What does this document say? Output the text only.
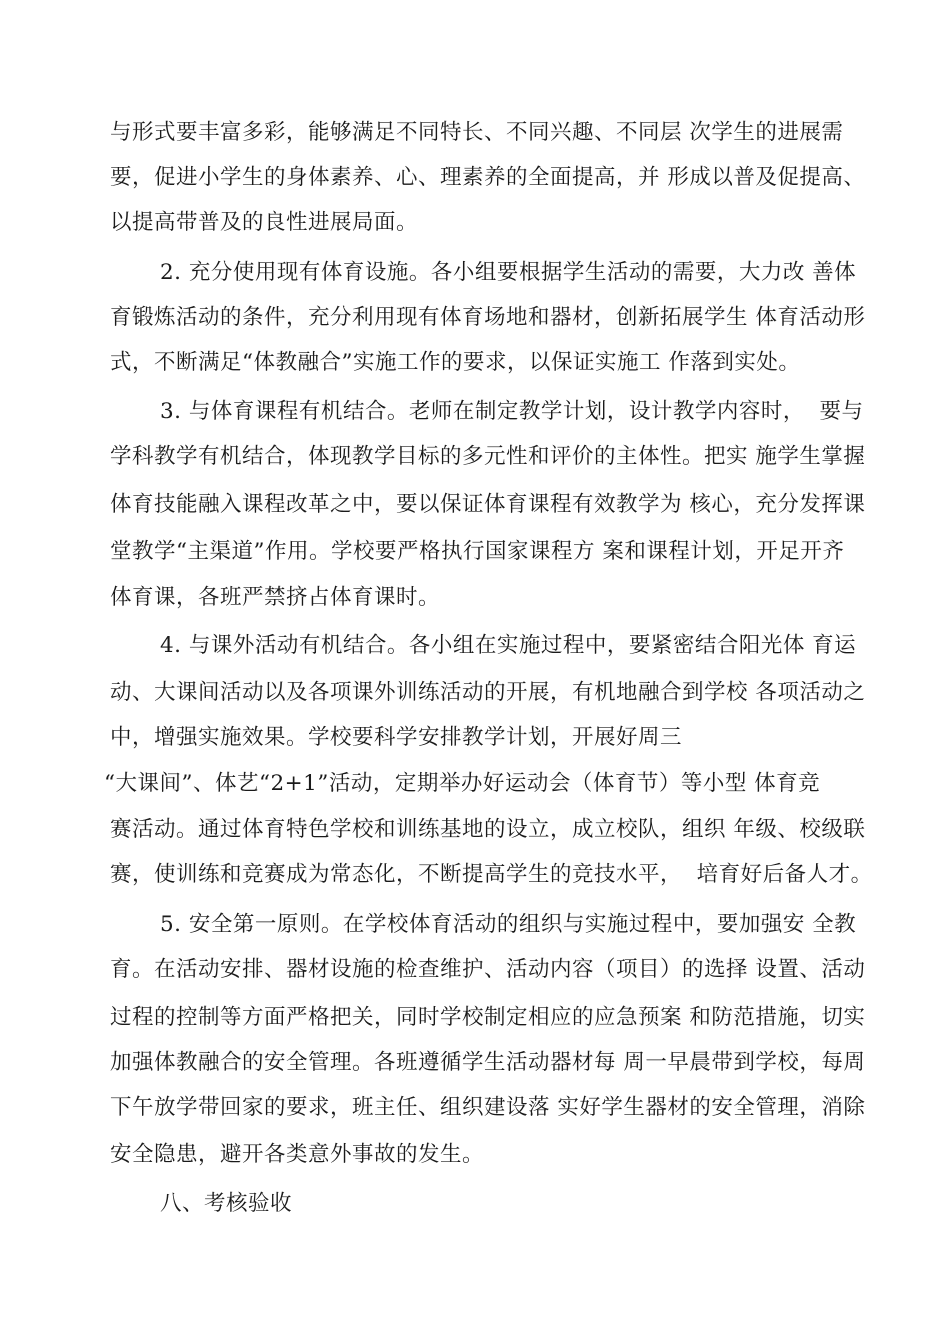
与形式要丰富多彩，能够满足不同特长、不同兴趣、不同层 次学生的进展需
要，促进小学生的身体素养、心、理素养的全面提高，并 形成以普及促提高、
以提高带普及的良性进展局面。
2. 充分使用现有体育设施。各小组要根据学生活动的需要，大力改 善体
育锻炼活动的条件，充分利用现有体育场地和器材，创新拓展学生 体育活动形
式，不断满足“体教融合”实施工作的要求，以保证实施工 作落到实处。
3. 与体育课程有机结合。老师在制定教学计划，设计教学内容时，  要与
学科教学有机结合，体现教学目标的多元性和评价的主体性。把实 施学生掌握
体育技能融入课程改革之中，要以保证体育课程有效教学为 核心，充分发挥课
堂教学“主渠道”作用。学校要严格执行国家课程方 案和课程计划，开足开齐
体育课，各班严禁挤占体育课时。
4. 与课外活动有机结合。各小组在实施过程中，要紧密结合阳光体 育运
动、大课间活动以及各项课外训练活动的开展，有机地融合到学校 各项活动之
中，增强实施效果。学校要科学安排教学计划，开展好周三
“大课间”、体艺“2+1”活动，定期举办好运动会（体育节）等小型 体育竞
赛活动。通过体育特色学校和训练基地的设立，成立校队，组织 年级、校级联
赛，使训练和竞赛成为常态化，不断提高学生的竞技水平，  培育好后备人才。
5. 安全第一原则。在学校体育活动的组织与实施过程中，要加强安 全教
育。在活动安排、器材设施的检查维护、活动内容（项目）的选择 设置、活动
过程的控制等方面严格把关，同时学校制定相应的应急预案 和防范措施，切实
加强体教融合的安全管理。各班遵循学生活动器材每 周一早晨带到学校，每周
下午放学带回家的要求，班主任、组织建设落 实好学生器材的安全管理，消除
安全隐患，避开各类意外事故的发生。
八、考核验收
